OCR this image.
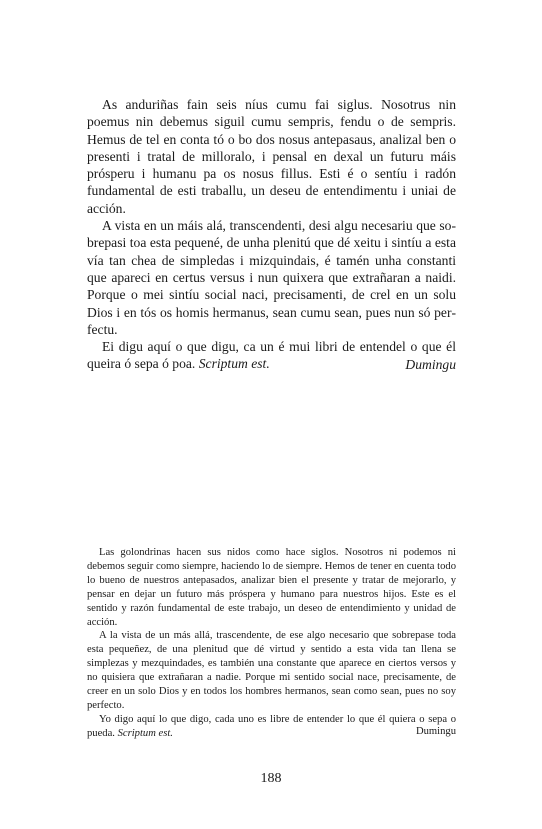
As anduriñas fain seis níus cumu fai siglus. Nosotrus nin poemus nin debemus siguil cumu sempris, fendu o de sempris. Hemus de tel en conta tó o bo dos nosus antepasaus, analizal ben o presenti i tratal de milloralo, i pensal en dexal un futuru máis prósperu i humanu pa os nosus fillus. Esti é o sentíu i radón fundamental de esti traballu, un deseu de entendimentu i uniai de acción.

A vista en un máis alá, transcendenti, desi algu necesariu que sobrepasi toa esta pequené, de unha plenitú que dé xeitu i sintíu a esta vía tan chea de simpledas i mizquindais, é tamén unha constanti que apareci en certus versus i nun quixera que extrañaran a naidi. Porque o mei sintíu social naci, precisamenti, de crel en un solu Dios i en tós os homis hermanus, sean cumu sean, pues nun só perfectu.

Ei digu aquí o que digu, ca un é mui libri de entendel o que él queira ó sepa ó poa. Scriptum est.	Dumingu

Las golondrinas hacen sus nidos como hace siglos. Nosotros ni podemos ni debemos seguir como siempre, haciendo lo de siempre. Hemos de tener en cuenta todo lo bueno de nuestros antepasados, analizar bien el presente y tratar de mejorarlo, y pensar en dejar un futuro más próspera y humano para nuestros hijos. Este es el sentido y razón fundamental de este trabajo, un deseo de entendimiento y unidad de acción.

A la vista de un más allá, trascendente, de ese algo necesario que sobrepase toda esta pequeñez, de una plenitud que dé virtud y sentido a esta vida tan llena se simplezas y mezquindades, es también una constante que aparece en ciertos versos y no quisiera que extrañaran a nadie. Porque mi sentido social nace, precisamente, de creer en un solo Dios y en todos los hombres hermanos, sean como sean, pues no soy perfecto.

Yo digo aquí lo que digo, cada uno es libre de entender lo que él quiera o sepa o pueda. Scriptum est.	Dumingu
188
